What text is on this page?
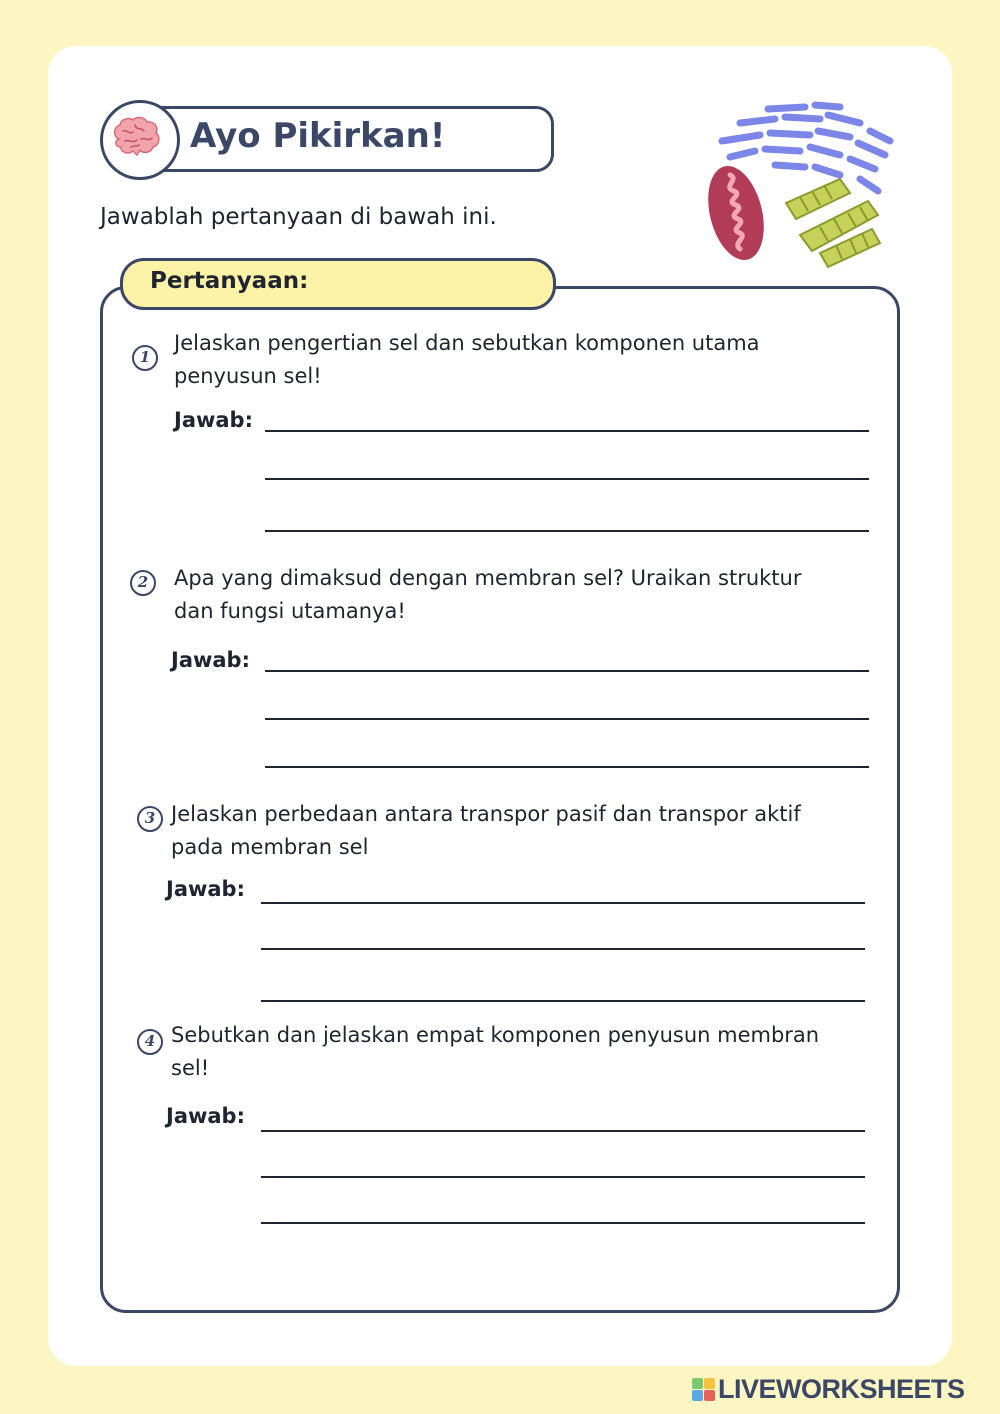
Ayo Pikirkan!
Jawablah pertanyaan di bawah ini.
Pertanyaan:
1
Jelaskan pengertian sel dan sebutkan komponen utama
penyusun sel!
Jawab:
2	Apa yang dimaksud dengan membran sel? Uraikan struktur
dan fungsi utamanya!
Jawab:
3 Jelaskan perbedaan antara transpor pasif dan transpor aktif
pada membran sel
Jawab:
4 Sebutkan dan jelaskan empat komponen penyusun membran
sel!
Jawab:
LIVEWORKSHEETS
